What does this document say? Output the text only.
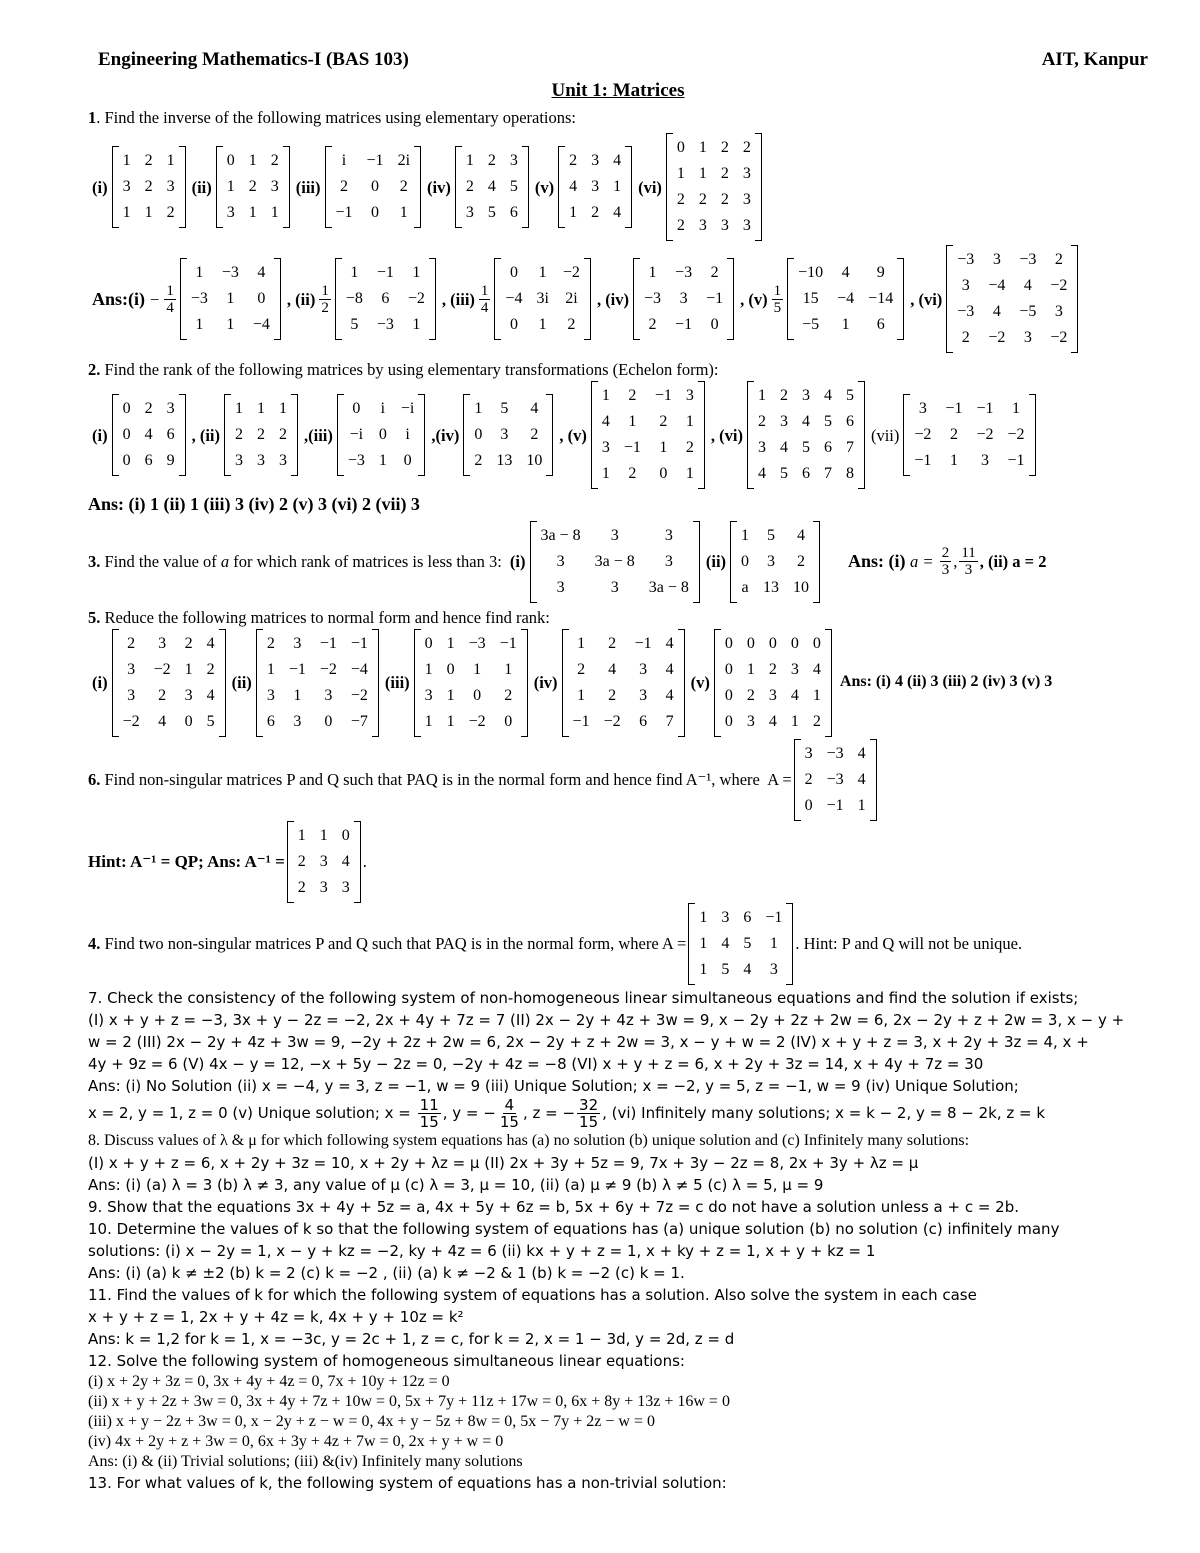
Engineering Mathematics-I (BAS 103)	AIT, Kanpur
Unit 1: Matrices
1. Find the inverse of the following matrices using elementary operations:
(i)
1 2 1
3 2 3
1 1 2
(ii)
0 1 2
1 2 3
3 1 1
(iii)
i	−1 2i
2 0 2
−1 0 1
(iv)
1 2 3
2 4 5
3 5 6
(v)
2 3 4
4 3 1
1 2 4
(vi)
0 1 2 2
1 1 2 3
2 2 2 3
2 3 3 3
Ans:(i) − $\frac{1}{4}$
1 −3 4
−3 1 0
1 1 −4
, $(ii) \frac{1}{2}$
1 −1 1
−8 6 −2
5 −3 1
, $(iii) \frac{1}{4}$
0 1 −2
−4 3i 2i
0 1 2
, (iv)
1 −3 2
−3 3 −1
2 −1 0
, $(v) \frac{1}{5}$
−10 4	9
15 −4 −14
−5 1	6
, (vi)
−3 3 −3 2
3 −4 4 −2
−3 4 −5 3
2 −2 3 −2
2. Find the rank of the following matrices by using elementary transformations (Echelon form):
(i)
0 2 3
0 4 6
0 6 9
, (ii)
1 1 1
2 2 2
3 3 3
,(iii)
0 i −i
−i 0 i
−3 1 0
,(iv)
1 5 4
0 3 2
2 13 10
, (v)
1 2 −1 3
4 1 2 1
3 −1 1 2
1 2 0 1
, (vi)
1 2 3 4 5
2 3 4 5 6
3 4 5 6 7
4 5 6 7 8
(vii)
3 −1 −1 1
−2 2 −2 −2
−1 1 3 −1
Ans: (i) 1 (ii) 1 (iii) 3 (iv) 2 (v) 3 (vi) 2 (vii) 3
3. Find the value of a for which rank of matrices is less than 3: (i)
3a − 8	3	3
3	3a − 8	3
3	3	3a − 8
(ii)
1 5 4
0 3 2
a 13 10
Ans: (i) $a = \frac{2}{3}$ , $\frac{11}{3}$ , (ii) a = 2
5. Reduce the following matrices to normal form and hence find rank:
(i)
2 3 2 4
3 −2 1 2
3 2 3 4
−2 4 0 5
(ii)
2 3 −1 −1
1 −1 −2 −4
3 1 3 −2
6 3 0 −7
(iii)
0 1 −3 −1
1 0 1 1
3 1 0 2
1 1 −2 0
(iv)
1 2 −1 4
2 4 3 4
1 2 3 4
−1 −2 6 7
(v)
0 0 0 0 0
0 1 2 3 4
0 2 3 4 1
0 3 4 1 2
Ans: (i) 4 (ii) 3 (iii) 2 (iv) 3 (v) 3
6. Find non-singular matrices P and Q such that PAQ is in the normal form and hence find A⁻¹, where  A =
3 −3 4
2 −3 4
0 −1 1
Hint: A⁻¹ = QP; Ans: A⁻¹ =
1 1 0
2 3 4
2 3 3
.
4. Find two non-singular matrices P and Q such that PAQ is in the normal form, where A =
1 3 6 −1
1 4 5 1
1 5 4 3
. Hint: P and Q will not be unique.
7. Check the consistency of the following system of non-homogeneous linear simultaneous equations and find the solution if exists;
(I) x + y + z = −3, 3x + y − 2z = −2, 2x + 4y + 7z = 7 (II) 2x − 2y + 4z + 3w = 9, x − 2y + 2z + 2w = 6, 2x − 2y + z + 2w = 3, x − y +
w = 2 (III) 2x − 2y + 4z + 3w = 9, −2y + 2z + 2w = 6, 2x − 2y + z + 2w = 3, x − y + w = 2 (IV) x + y + z = 3, x + 2y + 3z = 4, x +
4y + 9z = 6 (V) 4x − y = 12, −x + 5y − 2z = 0, −2y + 4z = −8 (VI) x + y + z = 6, x + 2y + 3z = 14, x + 4y + 7z = 30
Ans: (i) No Solution (ii) x = −4, y = 3, z = −1, w = 9 (iii) Unique Solution; x = −2, y = 5, z = −1, w = 9 (iv) Unique Solution;
x = 2, y = 1, z = 0 (v) Unique solution; $x = \frac{11}{15}$ , y = − $\frac{4}{15}$ , z = − $\frac{32}{15}$ , (vi) Infinitely many solutions; x = k − 2, y = 8 − 2k, z = k
8. Discuss values of λ & μ for which following system equations has (a) no solution (b) unique solution and (c) Infinitely many solutions:
(I) x + y + z = 6, x + 2y + 3z = 10, x + 2y + λz = μ (II) 2x + 3y + 5z = 9, 7x + 3y − 2z = 8, 2x + 3y + λz = μ
Ans: (i) (a) λ = 3 (b) λ ≠ 3, any value of μ (c) λ = 3, μ = 10, (ii) (a) μ ≠ 9 (b) λ ≠ 5 (c) λ = 5, μ = 9
9. Show that the equations 3x + 4y + 5z = a, 4x + 5y + 6z = b, 5x + 6y + 7z = c do not have a solution unless a + c = 2b.
10. Determine the values of k so that the following system of equations has (a) unique solution (b) no solution (c) infinitely many
solutions: (i) x − 2y = 1, x − y + kz = −2, ky + 4z = 6 (ii) kx + y + z = 1, x + ky + z = 1, x + y + kz = 1
Ans: (i) (a) k ≠ ±2 (b) k = 2 (c) k = −2 , (ii) (a) k ≠ −2 & 1 (b) k = −2 (c) k = 1.
11. Find the values of k for which the following system of equations has a solution. Also solve the system in each case
x + y + z = 1, 2x + y + 4z = k, 4x + y + 10z = k²
Ans: k = 1,2 for k = 1, x = −3c, y = 2c + 1, z = c, for k = 2, x = 1 − 3d, y = 2d, z = d
12. Solve the following system of homogeneous simultaneous linear equations:
(i) x + 2y + 3z = 0, 3x + 4y + 4z = 0, 7x + 10y + 12z = 0
(ii) x + y + 2z + 3w = 0, 3x + 4y + 7z + 10w = 0, 5x + 7y + 11z + 17w = 0, 6x + 8y + 13z + 16w = 0
(iii) x + y − 2z + 3w = 0, x − 2y + z − w = 0, 4x + y − 5z + 8w = 0, 5x − 7y + 2z − w = 0
(iv) 4x + 2y + z + 3w = 0, 6x + 3y + 4z + 7w = 0, 2x + y + w = 0
Ans: (i) & (ii) Trivial solutions; (iii) &(iv) Infinitely many solutions
13. For what values of k, the following system of equations has a non-trivial solution:
